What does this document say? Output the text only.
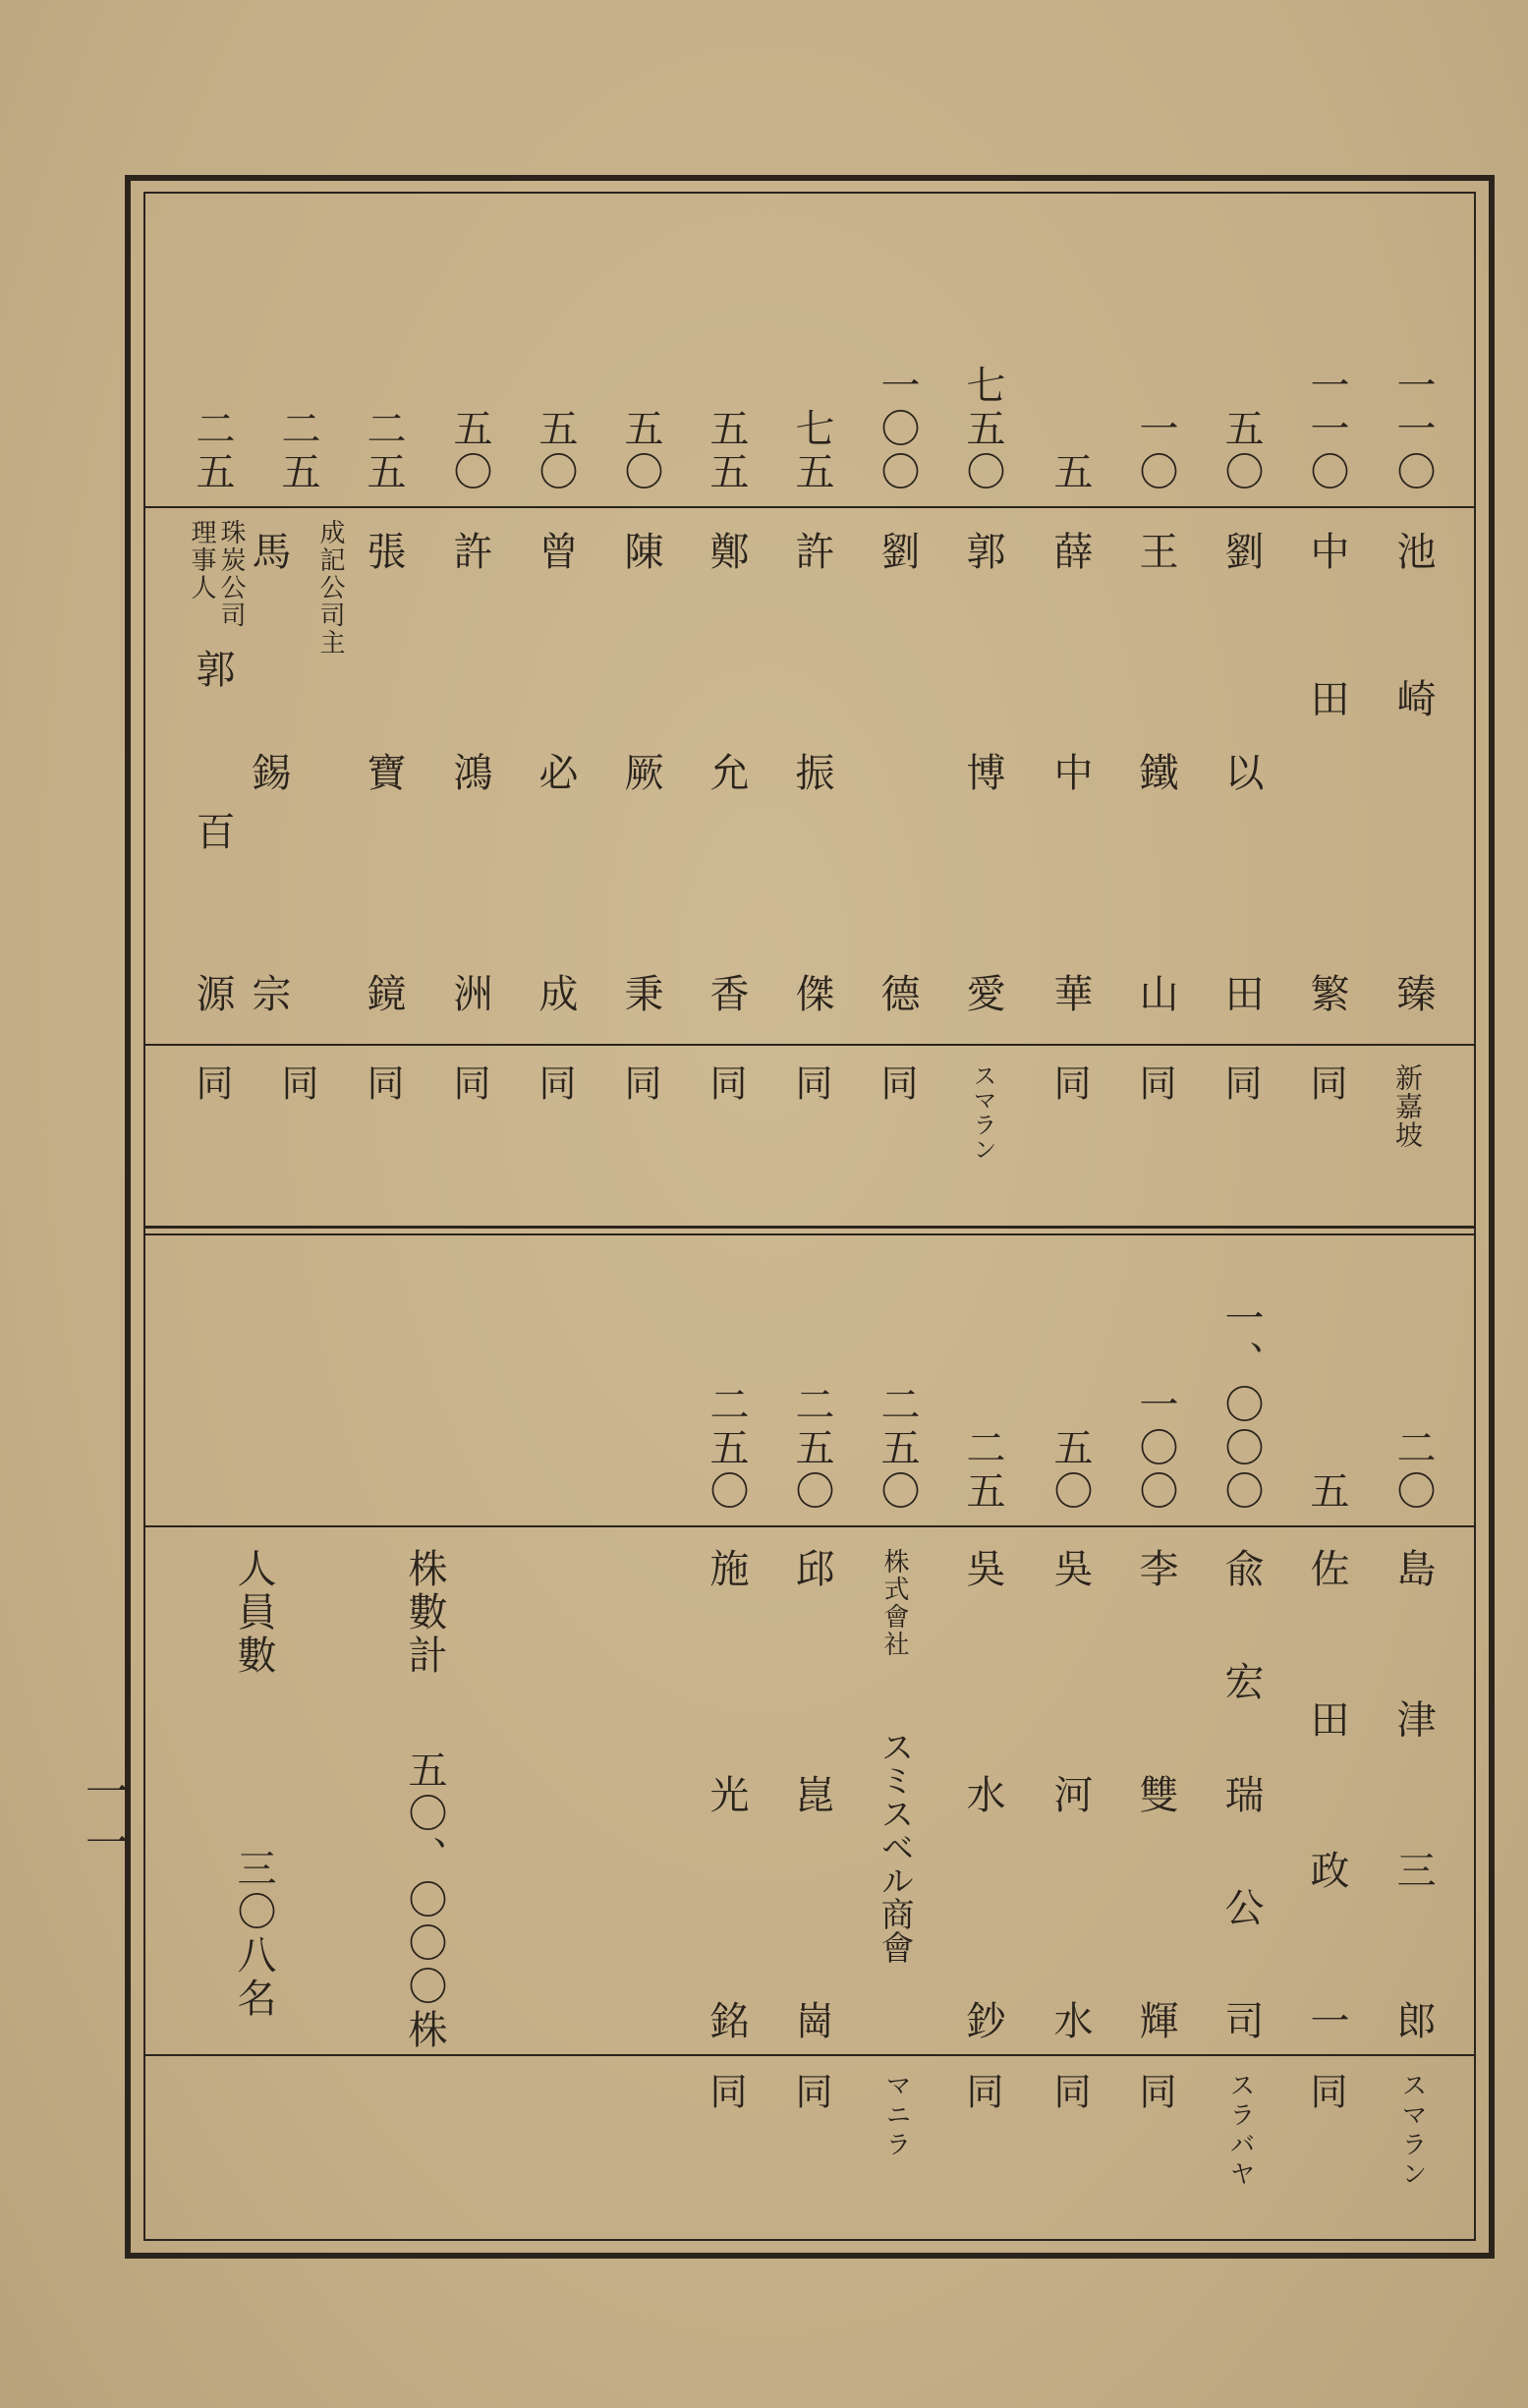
株數計
五〇、〇〇〇株
人員數
三〇八名
一一
一一〇
池崎　臻
新嘉坡
一一〇
中田　繁
同
五〇
劉以田
同
一〇
王鐵山
同
五
薛中華
同
七五〇
郭博愛
スマラン
一〇〇
劉　德
同
七五
許振傑
同
五五
鄭允香
同
五〇
陳厥秉
同
五〇
曾必成
同
五〇
許鴻洲
同
二五
張寶鏡
同
二五
成記公司主
馬錫宗
同
二五
珠炭公司
理事人
郭百源
同
二〇
島津三郎
スマラン
五
佐田政一
同
一、〇〇〇
兪宏瑞公司
スラバヤ
一〇〇
李雙輝
同
五〇
吳河水
同
二五
吳水鈔
同
二五〇
株式會社
スミスベル商會
マニラ
二五〇
邱崑崗
同
二五〇
施光銘
同
